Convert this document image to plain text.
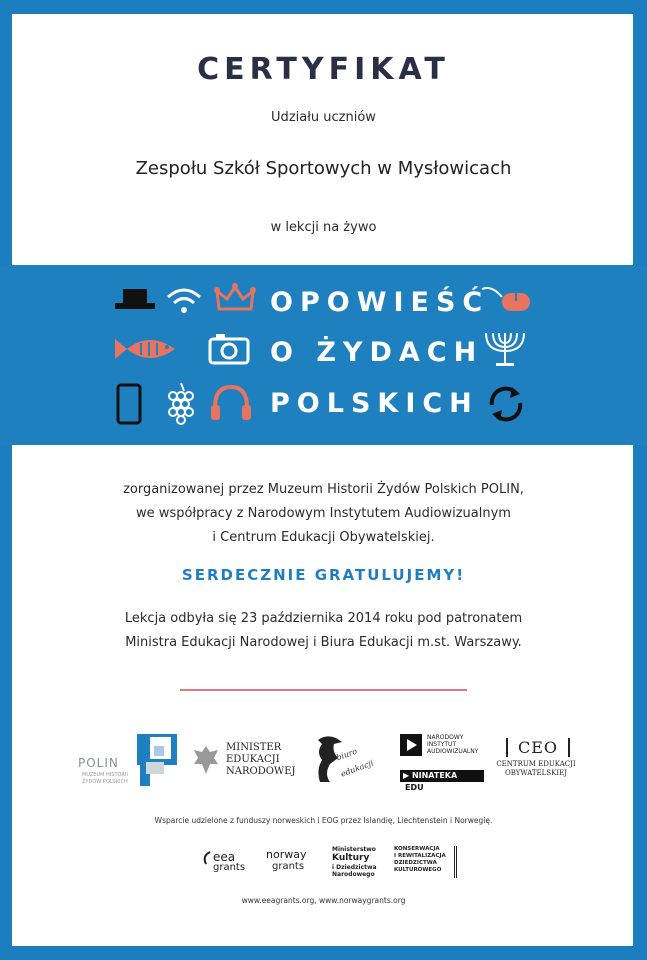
CERTYFIKAT
Udziału uczniów
Zespołu Szkół Sportowych w Mysłowicach
w lekcji na żywo
OPOWIEŚĆ
O ŻYDACH
POLSKICH
zorganizowanej przez Muzeum Historii Żydów Polskich POLIN,
we współpracy z Narodowym Instytutem Audiowizualnym
i Centrum Edukacji Obywatelskiej.
SERDECZNIE GRATULUJEMY!
Lekcja odbyła się 23 października 2014 roku pod patronatem
Ministra Edukacji Narodowej i Biura Edukacji m.st. Warszawy.
POLIN
MUZEUM HISTORII
ŻYDÓW POLSKICH
MINISTER
EDUKACJI
NARODOWEJ
biuro
edukacji
NARODOWY
INSTYTUT
AUDIOWIZUALNY
▶ NINATEKA EDU
CEO
CENTRUM EDUKACJI
OBYWATELSKIEJ
Wsparcie udzielone z funduszy norweskich i EOG przez Islandię, Liechtenstein i Norwegię.
eea
grants
norway
grants
Ministerstwo
Kultury
i Dziedzictwa
Narodowego
KONSERWACJA
I REWITALIZACJA
DZIEDZICTWA
KULTUROWEGO
www.eeagrants.org, www.norwaygrants.org
